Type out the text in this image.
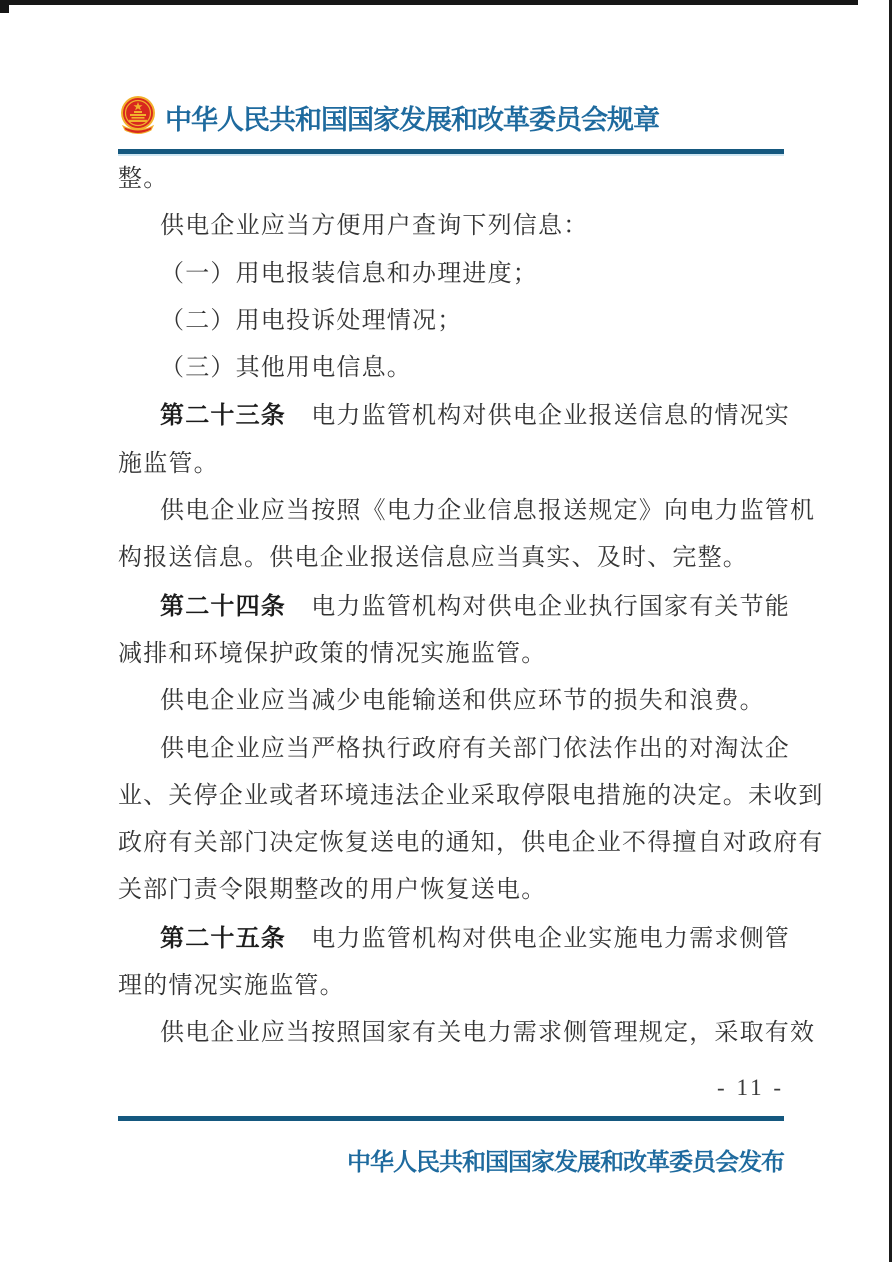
中华人民共和国国家发展和改革委员会规章
整。
供电企业应当方便用户查询下列信息：
（一）用电报装信息和办理进度；
（二）用电投诉处理情况；
（三）其他用电信息。
第二十三条　电力监管机构对供电企业报送信息的情况实
施监管。
供电企业应当按照《电力企业信息报送规定》向电力监管机
构报送信息。供电企业报送信息应当真实、及时、完整。
第二十四条　电力监管机构对供电企业执行国家有关节能
减排和环境保护政策的情况实施监管。
供电企业应当减少电能输送和供应环节的损失和浪费。
供电企业应当严格执行政府有关部门依法作出的对淘汰企
业、关停企业或者环境违法企业采取停限电措施的决定。未收到
政府有关部门决定恢复送电的通知，供电企业不得擅自对政府有
关部门责令限期整改的用户恢复送电。
第二十五条　电力监管机构对供电企业实施电力需求侧管
理的情况实施监管。
供电企业应当按照国家有关电力需求侧管理规定，采取有效
- 11 -
中华人民共和国国家发展和改革委员会发布
